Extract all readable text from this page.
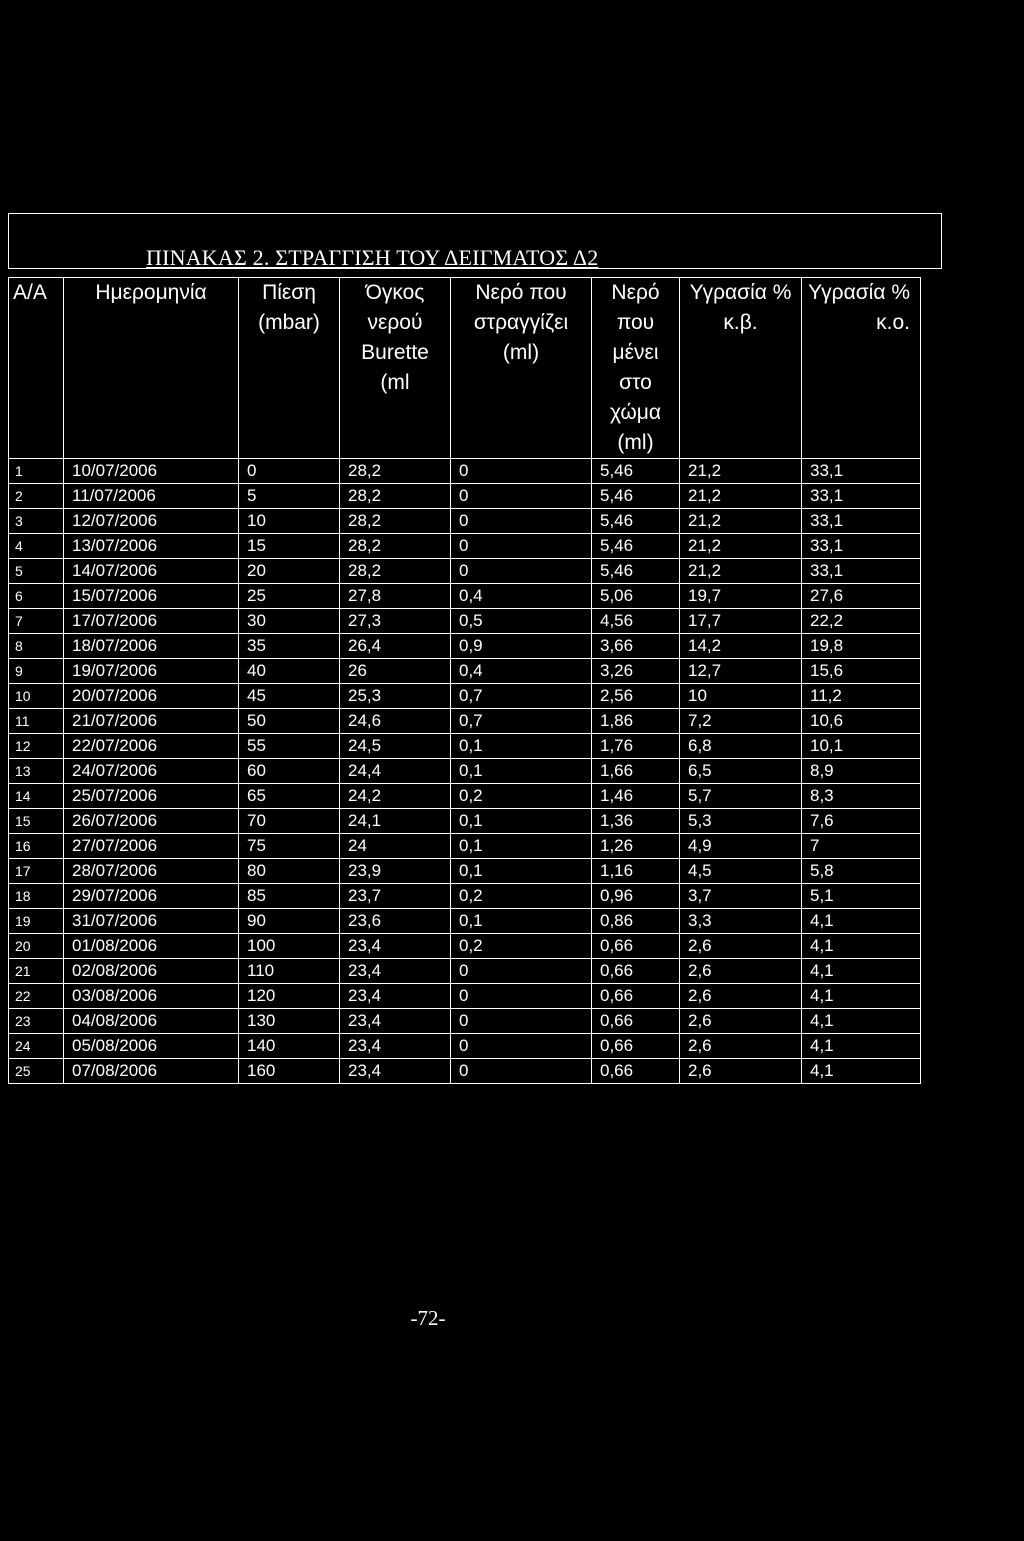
ΠΙΝΑΚΑΣ 2. ΣΤΡΑΓΓΙΣΗ ΤΟΥ ΔΕΙΓΜΑΤΟΣ Δ2
Α/Α	Ημερομηνία	Πίεση (mbar)	Όγκος νερού Burette (ml	Νερό που στραγγίζει (ml)	Νερό που μένει στο χώμα (ml)	Υγρασία % κ.β.	Υγρασία % κ.ο.
1	10/07/2006	0	28,2	0	5,46	21,2	33,1
2	11/07/2006	5	28,2	0	5,46	21,2	33,1
3	12/07/2006	10	28,2	0	5,46	21,2	33,1
4	13/07/2006	15	28,2	0	5,46	21,2	33,1
5	14/07/2006	20	28,2	0	5,46	21,2	33,1
6	15/07/2006	25	27,8	0,4	5,06	19,7	27,6
7	17/07/2006	30	27,3	0,5	4,56	17,7	22,2
8	18/07/2006	35	26,4	0,9	3,66	14,2	19,8
9	19/07/2006	40	26	0,4	3,26	12,7	15,6
10	20/07/2006	45	25,3	0,7	2,56	10	11,2
11	21/07/2006	50	24,6	0,7	1,86	7,2	10,6
12	22/07/2006	55	24,5	0,1	1,76	6,8	10,1
13	24/07/2006	60	24,4	0,1	1,66	6,5	8,9
14	25/07/2006	65	24,2	0,2	1,46	5,7	8,3
15	26/07/2006	70	24,1	0,1	1,36	5,3	7,6
16	27/07/2006	75	24	0,1	1,26	4,9	7
17	28/07/2006	80	23,9	0,1	1,16	4,5	5,8
18	29/07/2006	85	23,7	0,2	0,96	3,7	5,1
19	31/07/2006	90	23,6	0,1	0,86	3,3	4,1
20	01/08/2006	100	23,4	0,2	0,66	2,6	4,1
21	02/08/2006	110	23,4	0	0,66	2,6	4,1
22	03/08/2006	120	23,4	0	0,66	2,6	4,1
23	04/08/2006	130	23,4	0	0,66	2,6	4,1
24	05/08/2006	140	23,4	0	0,66	2,6	4,1
25	07/08/2006	160	23,4	0	0,66	2,6	4,1
-72-
